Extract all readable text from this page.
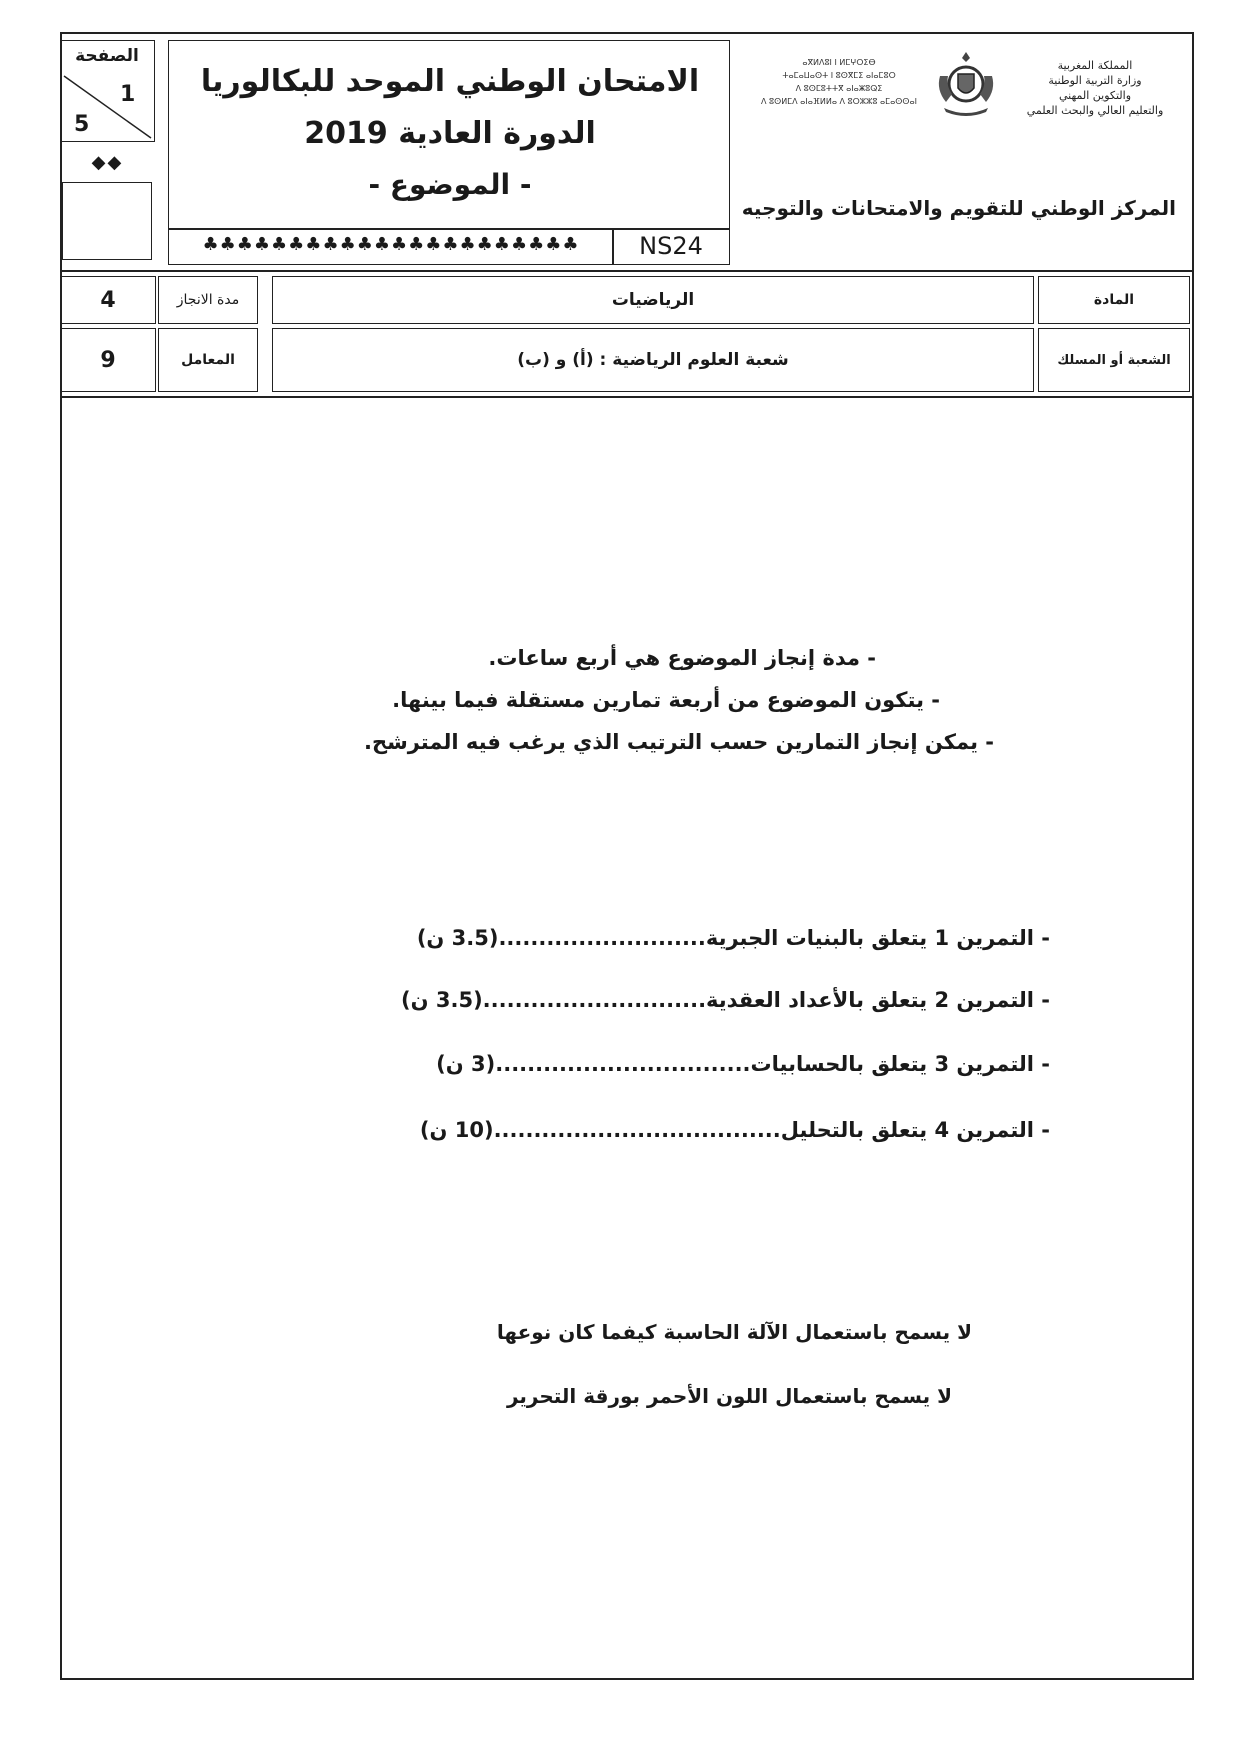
الصفحة
1
5
◆◆
الامتحان الوطني الموحد للبكالوريا
الدورة العادية 2019
- الموضوع -
♣♣♣♣♣♣♣♣♣♣♣♣♣♣♣♣♣♣♣♣♣♣	NS24
ⴰⴳⵍⴷⵓⵏ ⵏ ⵍⵎⵖⵔⵉⴱ
ⵜⴰⵎⴰⵡⴰⵙⵜ ⵏ ⵓⵙⴳⵎⵉ ⴰⵏⴰⵎⵓⵔ
ⴷ ⵓⵙⵎⵓⵜⵜⴳ ⴰⵏⴰⵥⵓⵕⵉ
ⴷ ⵓⵙⵍⵎⴷ ⴰⵏⴰⴼⵍⵍⴰ ⴷ ⵓⵔⵣⵣⵓ ⴰⵎⴰⵙⵙⴰⵏ
المملكة المغربية
وزارة التربية الوطنية
والتكوين المهني
والتعليم العالي والبحث العلمي
المركز الوطني للتقويم والامتحانات والتوجيه
4	مدة الانجاز	الرياضيات	المادة
9	المعامل	شعبة العلوم الرياضية : (أ) و (ب)	الشعبة أو المسلك
- مدة إنجاز الموضوع هي أربع ساعات.
- يتكون الموضوع من أربعة تمارين مستقلة فيما بينها.
- يمكن إنجاز التمارين حسب الترتيب الذي يرغب فيه المترشح.
- التمرين 1 يتعلق بالبنيات الجبرية..........................(3.5 ن)
- التمرين 2 يتعلق بالأعداد العقدية............................(3.5 ن)
- التمرين 3 يتعلق بالحسابيات................................(3 ن)
- التمرين 4 يتعلق بالتحليل....................................(10 ن)
لا يسمح باستعمال الآلة الحاسبة كيفما كان نوعها
لا يسمح باستعمال اللون الأحمر بورقة التحرير
